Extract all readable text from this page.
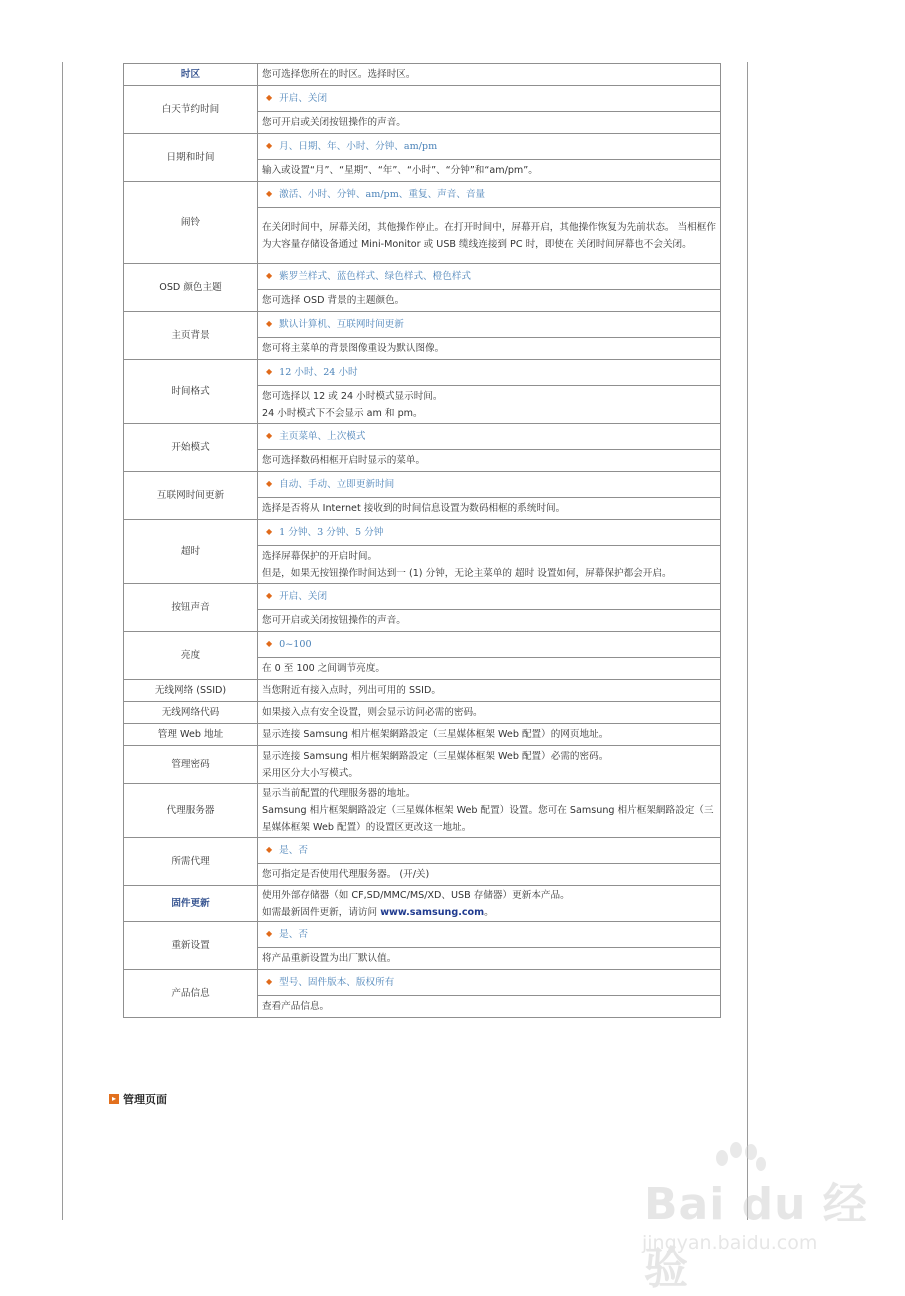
时区	您可选择您所在的时区。选择时区。

白天节约时间	◆ 开启、关闭

	您可开启或关闭按钮操作的声音。

日期和时间	◆ 月、日期、年、小时、分钟、am/pm

	输入或设置“月”、“星期”、“年”、“小时”、“分钟”和“am/pm”。

闹铃	◆ 激活、小时、分钟、am/pm、重复、声音、音量

	在关闭时间中，屏幕关闭，其他操作停止。在打开时间中，屏幕开启，其他操作恢复为先前状态。 当相框作为大容量存储设备通过 Mini-Monitor 或 USB 缆线连接到 PC 时，即使在 关闭时间屏幕也不会关闭。

OSD 颜色主题	◆ 紫罗兰样式、蓝色样式、绿色样式、橙色样式

	您可选择 OSD 背景的主题颜色。

主页背景	◆ 默认计算机、互联网时间更新

	您可将主菜单的背景图像重设为默认图像。

时间格式	◆ 12 小时、24 小时

	您可选择以 12 或 24 小时模式显示时间。
24 小时模式下不会显示 am 和 pm。

开始模式	◆ 主页菜单、上次模式

	您可选择数码相框开启时显示的菜单。

互联网时间更新	◆ 自动、手动、立即更新时间

	选择是否将从 Internet 接收到的时间信息设置为数码相框的系统时间。

超时	◆ 1 分钟、3 分钟、5 分钟

	选择屏幕保护的开启时间。
但是，如果无按钮操作时间达到一 (1) 分钟，无论主菜单的 超时 设置如何，屏幕保护都会开启。

按钮声音	◆ 开启、关闭

	您可开启或关闭按钮操作的声音。

亮度	◆ 0~100

	在 0 至 100 之间调节亮度。

无线网络 (SSID)	当您附近有接入点时，列出可用的 SSID。

无线网络代码	如果接入点有安全设置，则会显示访问必需的密码。

管理 Web 地址	显示连接 Samsung 相片框架網路設定（三星媒体框架 Web 配置）的网页地址。

管理密码	显示连接 Samsung 相片框架網路設定（三星媒体框架 Web 配置）必需的密码。
采用区分大小写模式。

代理服务器	显示当前配置的代理服务器的地址。
Samsung 相片框架網路設定（三星媒体框架 Web 配置）设置。您可在 Samsung 相片框架網路設定（三星媒体框架 Web 配置）的设置区更改这一地址。

所需代理	◆ 是、否

	您可指定是否使用代理服务器。 (开/关)

固件更新	使用外部存储器（如 CF,SD/MMC/MS/XD、USB 存储器）更新本产品。
如需最新固件更新，请访问 www.samsung.com。

重新设置	◆ 是、否

	将产品重新设置为出厂默认值。

产品信息	◆ 型号、固件版本、版权所有

	查看产品信息。
▸ 管理页面
Bai du 经验
jingyan.baidu.com
